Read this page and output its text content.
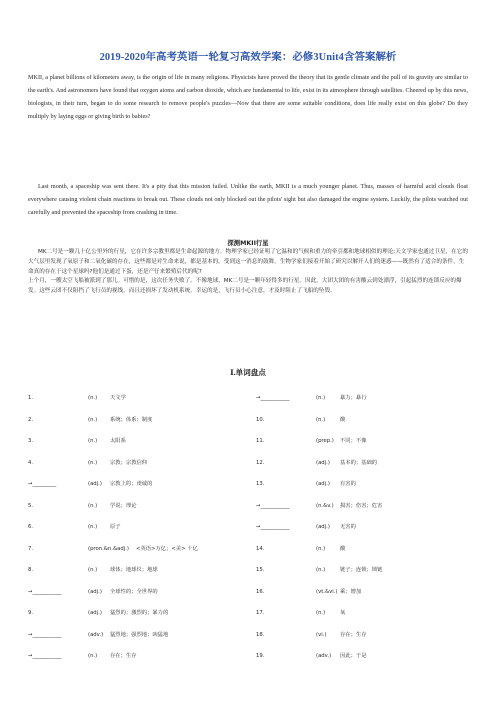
2019-2020年高考英语一轮复习高效学案：必修3Unit4含答案解析

MKII, a planet billions of kilometers away, is the origin of life in many religions. Physicists have proved the theory that its gentle climate and the pull of its gravity are similar to the earth's. And astronomers have found that oxygen atoms and carbon dioxide, which are fundamental to life, exist in its atmosphere through satellites. Cheered up by this news, biologists, in their turn, began to do some research to remove people's puzzles—Now that there are some suitable conditions, does life really exist on this globe? Do they multiply by laying eggs or giving birth to babies?

Last month, a spaceship was sent there. It's a pity that this mission failed. Unlike the earth, MKII is a much younger planet. Thus, masses of harmful acid clouds float everywhere causing violent chain reactions to break out. These clouds not only blocked out the pilots' sight but also damaged the engine system. Luckily, the pilots watched out carefully and prevented the spaceship from crashing in time.

探测MKII行星

MK二号是一颗几十亿公里外的行星，它在许多宗教里都是生命起源的地方。物理学家已经证明了它温和的气候和重力的牵引都和地球相似的理论;天文学家也通过卫星，在它的大气层里发现了氧原子和二氧化碳的存在，这些都是对生命来说，都是基本的。受到这一消息的鼓舞，生物学家们接着开始了研究以解开人们的迷惑——既然有了适合的条件，生命真的存在于这个星球吗?他们是通过下蛋，还是产仔来繁殖后代的呢?

上个月，一艘太空飞船被派到了那儿。可惜的是，这次任务失败了。不像地球，MK二号是一颗年轻得多的行星。因此，大团大团的有害酸云到处漂浮，引起猛烈的连锁反应的爆发。这些云团不仅阻挡了飞行员的视线，而且还损坏了发动机系统。幸运的是，飞行员小心注意，才及时阻止了飞船的坠毁。

Ⅰ.单词盘点
1.	(n.) 天文学
2.	(n.) 系统；体系；制度
3.	(n.) 太阳系
4.	(n.) 宗教；宗教信仰
→_________	(adj.) 宗教上的；虔诚的
5.	(n.) 学说；理论
6.	(n.) 原子
7.	(pron.&n.&adj.) <英语>万亿；<美> 十亿
8.	(n.) 球体；地球仪；地球
→___________	(adj.) 全球性的；全世界的
9.	(adj.) 猛烈的；激烈的；暴力的
→___________	(adv.) 猛烈地；强烈地；凶猛地
→___________	(n.) 存在；生存
→___________	(n.)	暴力；暴行
10.	(n.)	酸
11.	(prep.) 不同；不像
12.	(adj.) 基本的；基础的
13.	(adj.) 有害的
→___________	(n.&v.) 损害；伤害；危害
→___________	(adj.) 无害的
14.	(n.)	酸
15.	(n.)	链子；连锁；锁链
16.	(vt.&vi.) 乘；增加
17.	(n.)	氧
18.	(vi.)	存在；生存
19.	(adv.) 因此；于是
